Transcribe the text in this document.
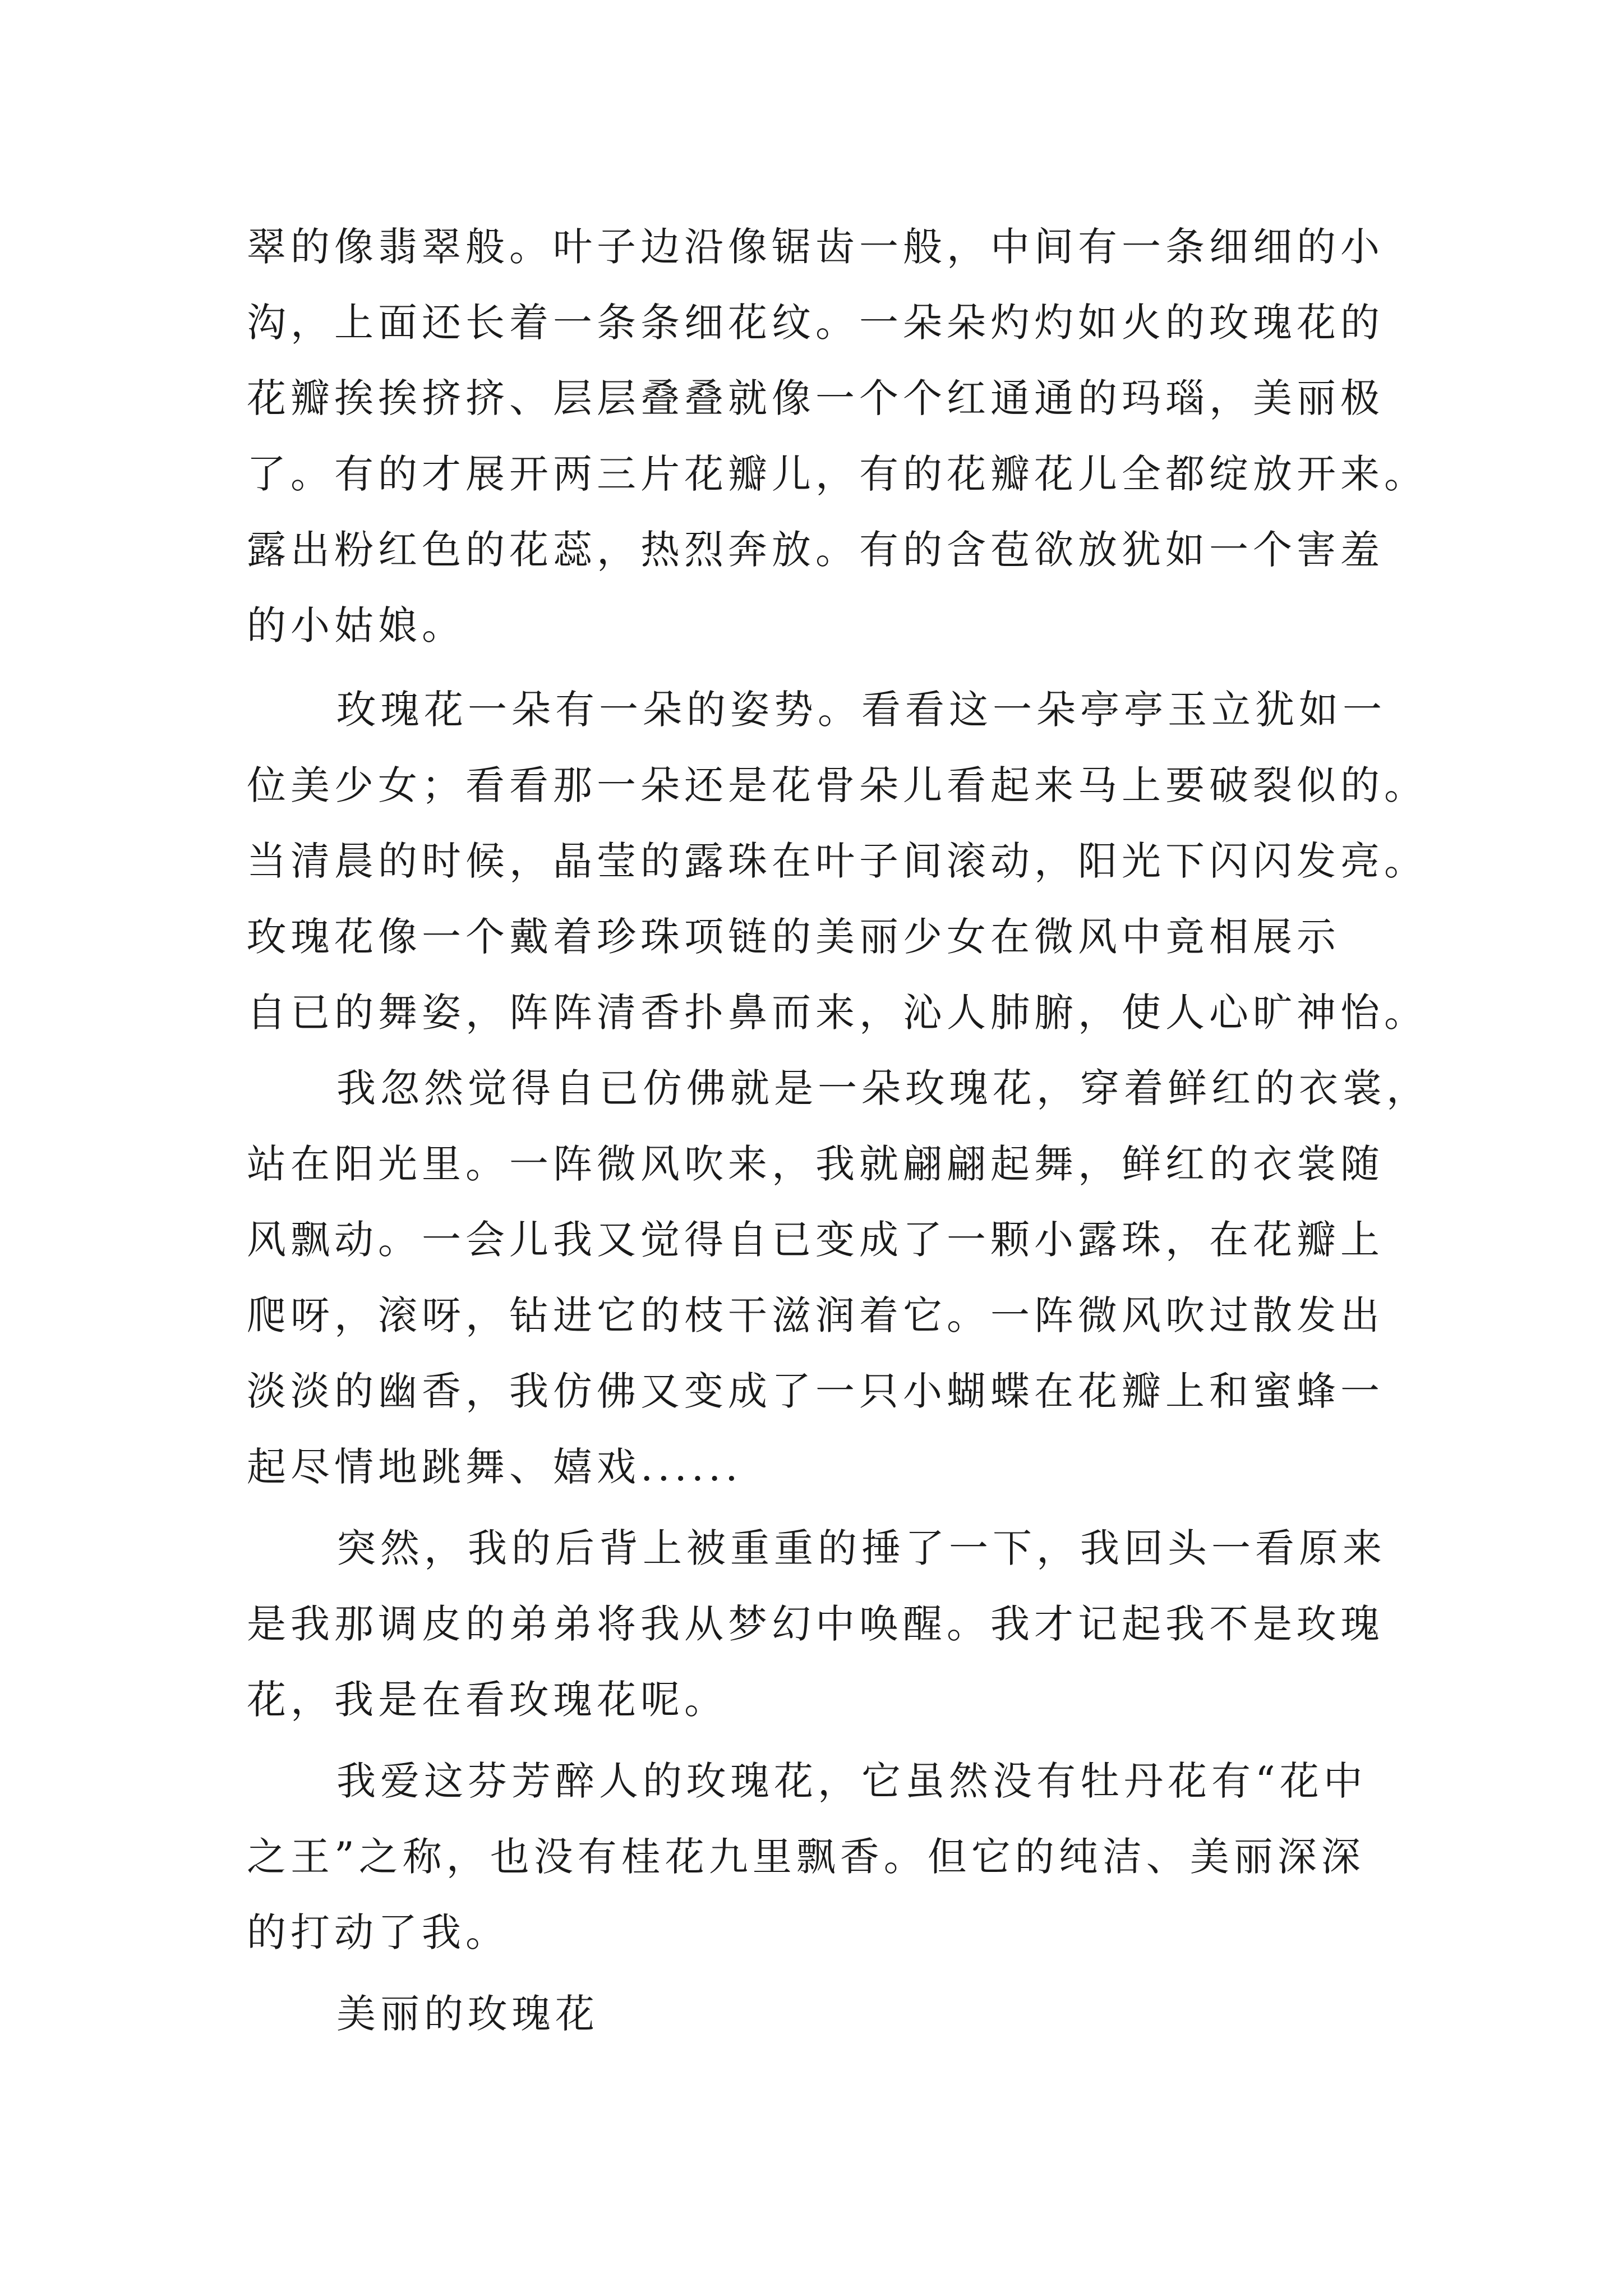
翠的像翡翠般。叶子边沿像锯齿一般，中间有一条细细的小
沟，上面还长着一条条细花纹。一朵朵灼灼如火的玫瑰花的
花瓣挨挨挤挤、层层叠叠就像一个个红通通的玛瑙，美丽极
了。有的才展开两三片花瓣儿，有的花瓣花儿全都绽放开来。
露出粉红色的花蕊，热烈奔放。有的含苞欲放犹如一个害羞
的小姑娘。
玫瑰花一朵有一朵的姿势。看看这一朵亭亭玉立犹如一
位美少女；看看那一朵还是花骨朵儿看起来马上要破裂似的。
当清晨的时候，晶莹的露珠在叶子间滚动，阳光下闪闪发亮。
玫瑰花像一个戴着珍珠项链的美丽少女在微风中竟相展示
自已的舞姿，阵阵清香扑鼻而来，沁人肺腑，使人心旷神怡。
我忽然觉得自已仿佛就是一朵玫瑰花，穿着鲜红的衣裳，
站在阳光里。一阵微风吹来，我就翩翩起舞，鲜红的衣裳随
风飘动。一会儿我又觉得自已变成了一颗小露珠，在花瓣上
爬呀，滚呀，钻进它的枝干滋润着它。一阵微风吹过散发出
淡淡的幽香，我仿佛又变成了一只小蝴蝶在花瓣上和蜜蜂一
起尽情地跳舞、嬉戏......
突然，我的后背上被重重的捶了一下，我回头一看原来
是我那调皮的弟弟将我从梦幻中唤醒。我才记起我不是玫瑰
花，我是在看玫瑰花呢。
我爱这芬芳醉人的玫瑰花，它虽然没有牡丹花有“花中
之王”之称，也没有桂花九里飘香。但它的纯洁、美丽深深
的打动了我。
美丽的玫瑰花
